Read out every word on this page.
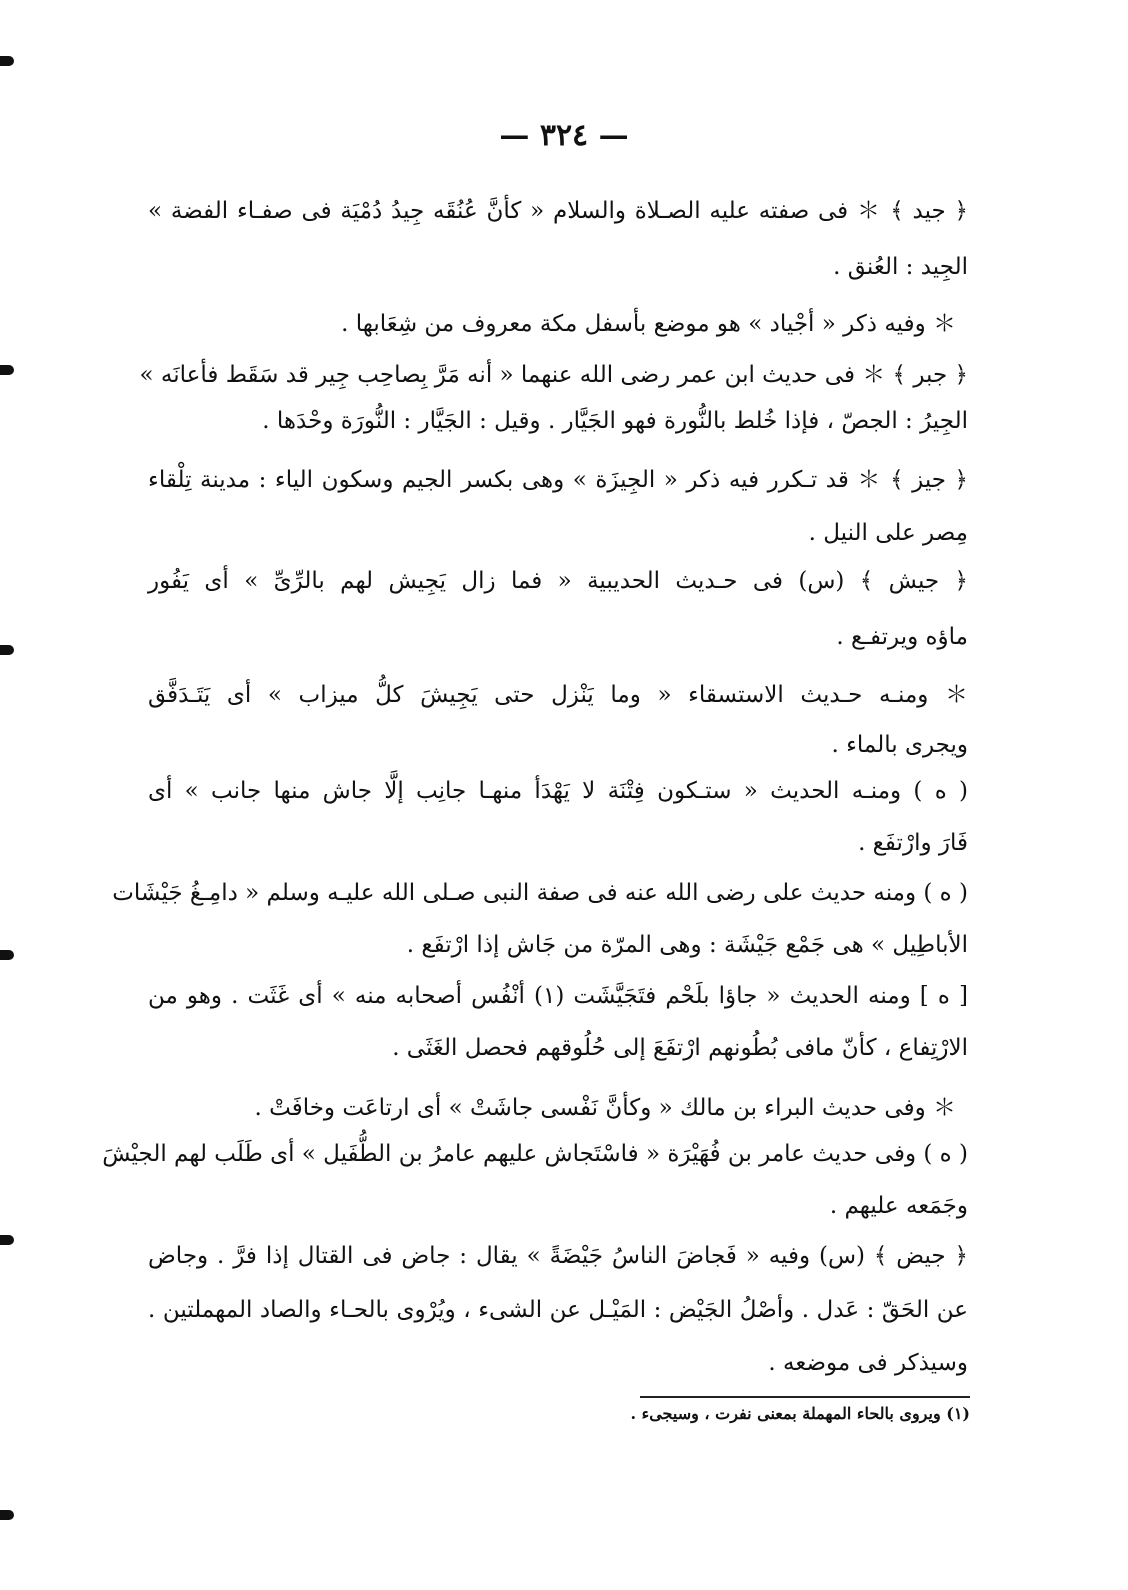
— ٣٢٤ —
﴿ جيد ﴾ ＊ فى صفته عليه الصـلاة والسلام « كأنَّ عُنُقَه جِيدُ دُمْيَة فى صفـاء الفضة »
الجِيد : العُنق .
＊ وفيه ذكر « أجْياد » هو موضع بأسفل مكة معروف من شِعَابها .
﴿ جبر ﴾ ＊ فى حديث ابن عمر رضى الله عنهما « أنه مَرَّ بِصاحِب جِير قد سَقَط فأعانَه »
الجِيرُ : الجصّ ، فإذا خُلط بالنُّورة فهو الجَيَّار . وقيل : الجَيَّار : النُّورَة وحْدَها .
﴿ جيز ﴾ ＊ قد تـكرر فيه ذكر « الجِيزَة » وهى بكسر الجيم وسكون الياء : مدينة تِلْقاء
مِصر على النيل .
﴿ جيش ﴾ (س) فى حـديث الحديبية « فما زال يَجِيش لهم بالرِّىِّ » أى يَفُور
ماؤه ويرتفـع .
＊ ومنـه حـديث الاستسقاء « وما يَنْزل حتى يَجِيشَ كلُّ ميزاب » أى يَتَـدَفَّق
ويجرى بالماء .
( ه ) ومنـه الحديث « ستـكون فِتْنَة لا يَهْدَأ منهـا جانِب إلَّا جاش منها جانب » أى
فَارَ وارْتفَع .
( ه ) ومنه حديث على رضى الله عنه فى صفة النبى صـلى الله عليـه وسلم « دامِـغُ جَيْشَات
الأباطِيل » هى جَمْع جَيْشَة : وهى المرّة من جَاش إذا ارْتفَع .
[ ه ] ومنه الحديث « جاؤا بلَحْم فتَجَيَّشَت (١) أنْفُس أصحابه منه » أى غَثَت . وهو من
الارْتِفاع ، كأنّ مافى بُطُونهم ارْتفَعَ إلى حُلُوقهم فحصل الغَثَى .
＊ وفى حديث البراء بن مالك « وكأنَّ نَفْسى جاشَتْ » أى ارتاعَت وخافَتْ .
( ه ) وفى حديث عامر بن فُهَيْرَة « فاسْتَجاش عليهم عامرُ بن الطُّفَيل » أى طَلَب لهم الجيْشَ
وجَمَعه عليهم .
﴿ جيض ﴾ (س) وفيه « فَجاضَ الناسُ جَيْضَةً » يقال : جاض فى القتال إذا فرَّ . وجاض
عن الحَقّ : عَدل . وأصْلُ الجَيْض : المَيْـل عن الشىء ، ويُرْوى بالحـاء والصاد المهملتين .
وسيذكر فى موضعه .
(١) ويروى بالحاء المهملة بمعنى نفرت ، وسيجىء .
